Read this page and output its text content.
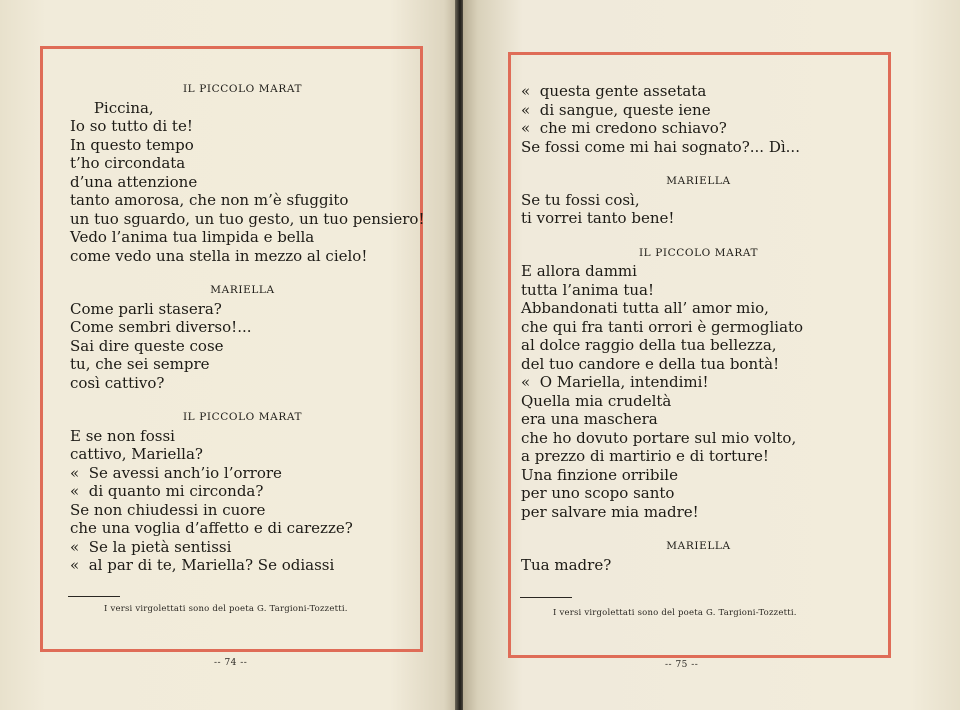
IL PICCOLO MARAT
Piccina,
Io so tutto di te!
In questo tempo
t’ho circondata
d’una attenzione
tanto amorosa, che non m’è sfuggito
un tuo sguardo, un tuo gesto, un tuo pensiero!
Vedo l’anima tua limpida e bella
come vedo una stella in mezzo al cielo!
MARIELLA
Come parli stasera?
Come sembri diverso!...
Sai dire queste cose
tu, che sei sempre
così cattivo?
IL PICCOLO MARAT
E se non fossi
cattivo, Mariella?
«  Se avessi anch’io l’orrore
«  di quanto mi circonda?
Se non chiudessi in cuore
che una voglia d’affetto e di carezze?
«  Se la pietà sentissi
«  al par di te, Mariella? Se odiassi
I versi virgolettati sono del poeta G. Targioni-Tozzetti.
-- 74 --
«  questa gente assetata
«  di sangue, queste iene
«  che mi credono schiavo?
Se fossi come mi hai sognato?... Dì...
MARIELLA
Se tu fossi così,
ti vorrei tanto bene!
IL PICCOLO MARAT
E allora dammi
tutta l’anima tua!
Abbandonati tutta all’ amor mio,
che qui fra tanti orrori è germogliato
al dolce raggio della tua bellezza,
del tuo candore e della tua bontà!
«  O Mariella, intendimi!
Quella mia crudeltà
era una maschera
che ho dovuto portare sul mio volto,
a prezzo di martirio e di torture!
Una finzione orribile
per uno scopo santo
per salvare mia madre!
MARIELLA
Tua madre?
I versi virgolettati sono del poeta G. Targioni-Tozzetti.
-- 75 --
